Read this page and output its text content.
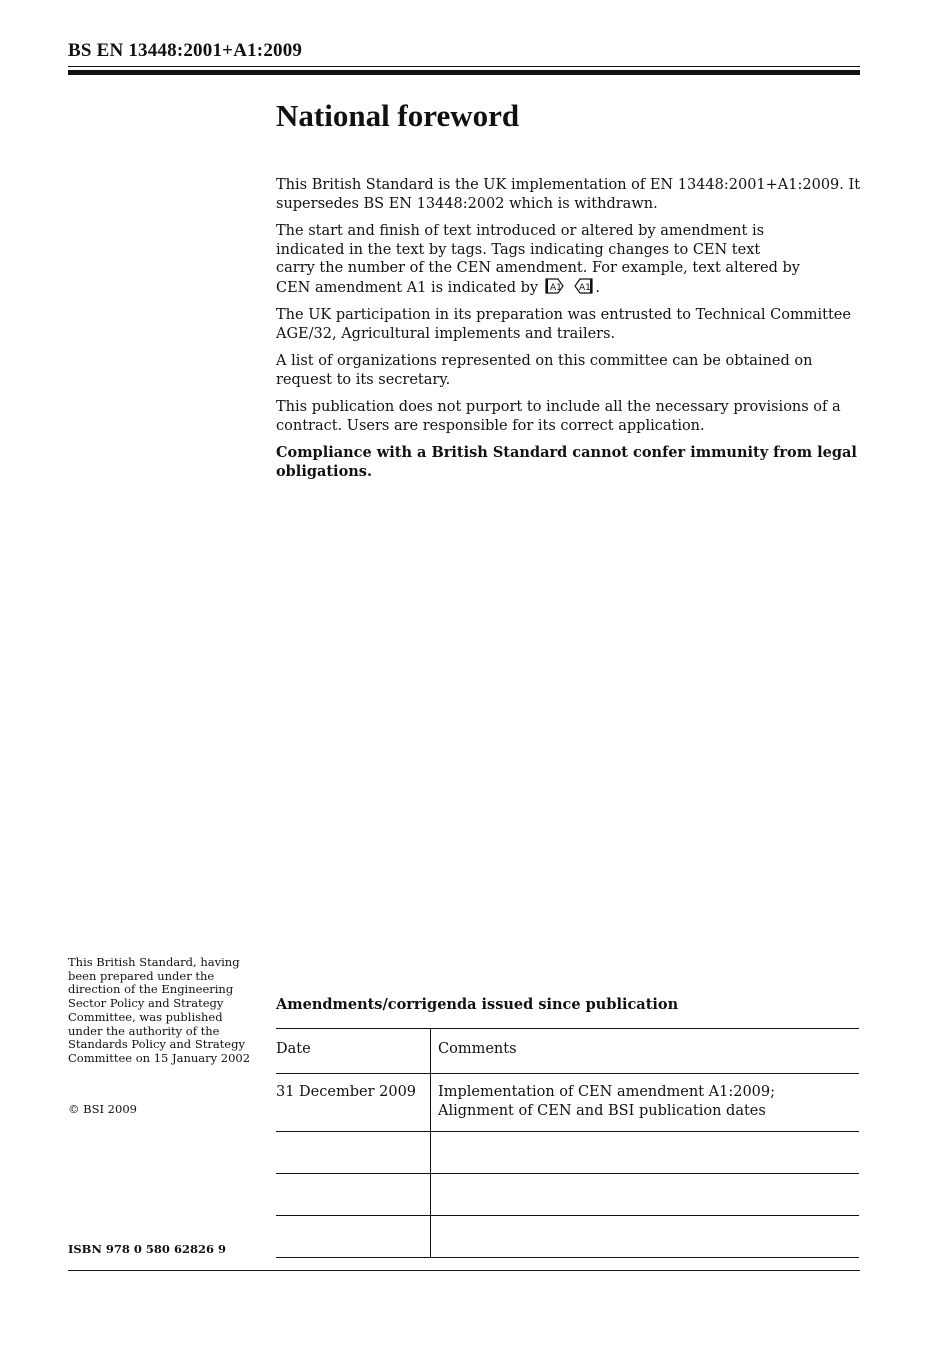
BS EN 13448:2001+A1:2009
National foreword

This British Standard is the UK implementation of EN 13448:2001+A1:2009. It supersedes BS EN 13448:2002 which is withdrawn.

The start and finish of text introduced or altered by amendment is
indicated in the text by tags. Tags indicating changes to CEN text
carry the number of the CEN amendment. For example, text altered by
CEN amendment A1 is indicated by A1
A1 .

The UK participation in its preparation was entrusted to Technical Committee AGE/32, Agricultural implements and trailers.

A list of organizations represented on this committee can be obtained on request to its secretary.

This publication does not purport to include all the necessary provisions of a contract. Users are responsible for its correct application.

Compliance with a British Standard cannot confer immunity from legal obligations.

This British Standard, having been prepared under the direction of the Engineering Sector Policy and Strategy Committee, was published under the authority of the Standards Policy and Strategy Committee on 15 January 2002
© BSI 2009
ISBN 978 0 580 62826 9
Amendments/corrigenda issued since publication
Date	Comments
31 December 2009	Implementation of CEN amendment A1:2009;
Alignment of CEN and BSI publication dates
